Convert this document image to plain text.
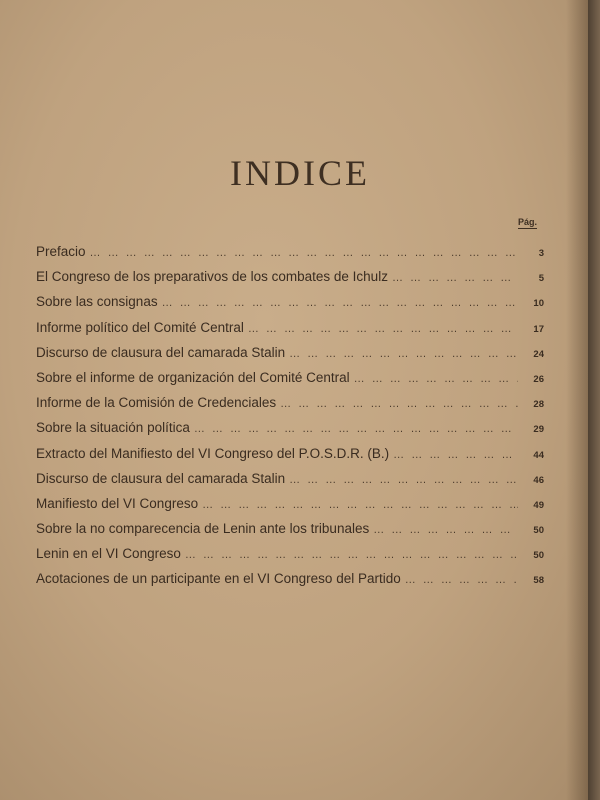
INDICE
Pág.
Prefacio … … … … … … … … … … … … … … … … … … … … … … … … … … … … … … … … … …	3
El Congreso de los preparativos de los combates de Ichulz … … … … … … … … … … … … … … … … … … … … … … … … … … … … … … … … … …	5
Sobre las consignas … … … … … … … … … … … … … … … … … … … … … … … … … … … … … … … … … …	10
Informe político del Comité Central … … … … … … … … … … … … … … … … … … … … … … … … … … … … … … … … … …	17
Discurso de clausura del camarada Stalin … … … … … … … … … … … … … … … … … … … … … … … … … … … … … … … … … …	24
Sobre el informe de organización del Comité Central … … … … … … … … … … … … … … … … … … … … … … … … … … … … … … … … … …	26
Informe de la Comisión de Credenciales … … … … … … … … … … … … … … … … … … … … … … … … … … … … … … … … … …	28
Sobre la situación política … … … … … … … … … … … … … … … … … … … … … … … … … … … … … … … … … …	29
Extracto del Manifiesto del VI Congreso del P.O.S.D.R. (B.) … … … … … … … … … … … … … … … … … … … … … … … … … … … … … … … … … …	44
Discurso de clausura del camarada Stalin … … … … … … … … … … … … … … … … … … … … … … … … … … … … … … … … … …	46
Manifiesto del VI Congreso … … … … … … … … … … … … … … … … … … … … … … … … … … … … … … … … … …	49
Sobre la no comparecencia de Lenin ante los tribunales … … … … … … … … … … … … … … … … … … … … … … … … … … … … … … … … … …	50
Lenin en el VI Congreso … … … … … … … … … … … … … … … … … … … … … … … … … … … … … … … … … …	50
Acotaciones de un participante en el VI Congreso del Partido … … … … … … … … … … … … … … … … … … … … … … … … … … … … … … … … … …	58
